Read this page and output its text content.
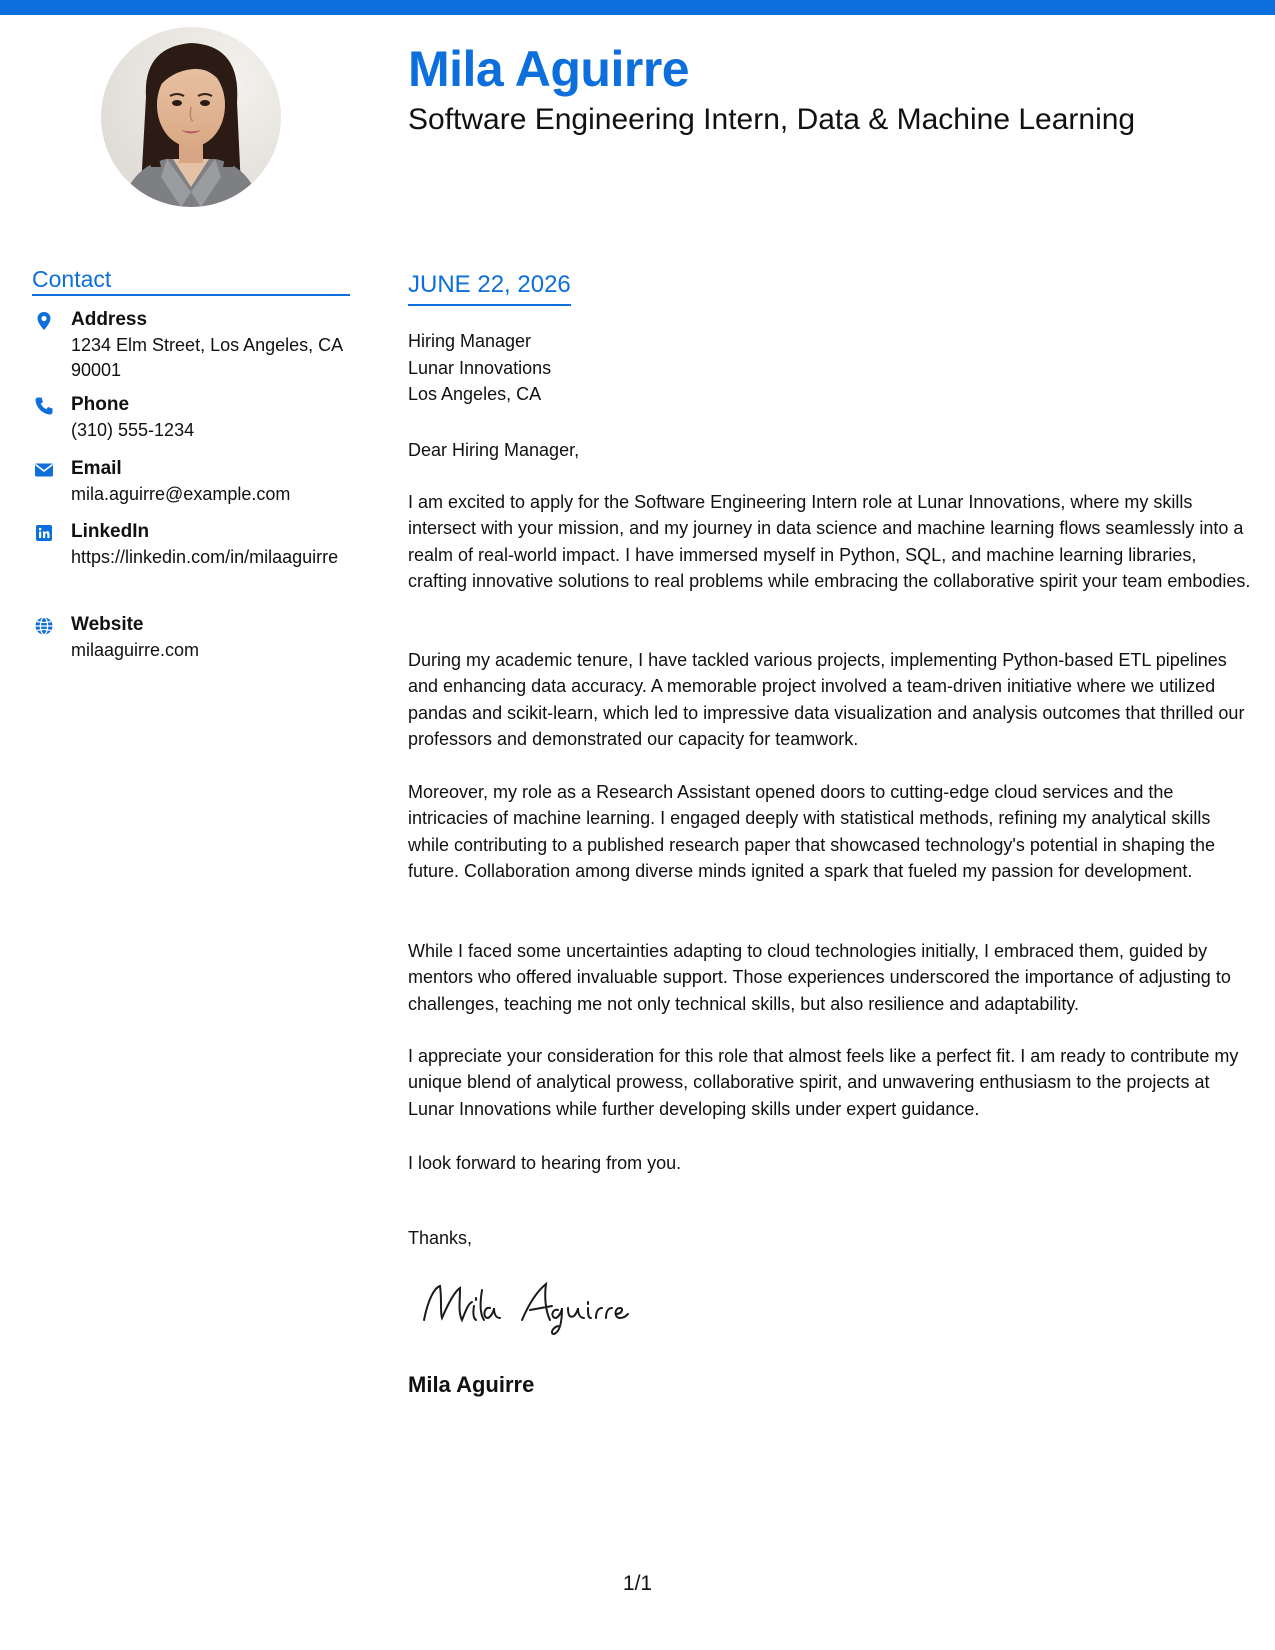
Mila Aguirre
Software Engineering Intern, Data & Machine Learning
Contact
Address
1234 Elm Street, Los Angeles, CA 90001
Phone
(310) 555-1234
Email
mila.aguirre@example.com
LinkedIn
https://linkedin.com/in/milaaguirre
Website
milaaguirre.com
JUNE 22, 2026
Hiring Manager
Lunar Innovations
Los Angeles, CA
Dear Hiring Manager,

I am excited to apply for the Software Engineering Intern role at Lunar Innovations, where my skills intersect with your mission, and my journey in data science and machine learning flows seamlessly into a realm of real-world impact. I have immersed myself in Python, SQL, and machine learning libraries, crafting innovative solutions to real problems while embracing the collaborative spirit your team embodies.

During my academic tenure, I have tackled various projects, implementing Python-based ETL pipelines and enhancing data accuracy. A memorable project involved a team-driven initiative where we utilized pandas and scikit-learn, which led to impressive data visualization and analysis outcomes that thrilled our professors and demonstrated our capacity for teamwork.

Moreover, my role as a Research Assistant opened doors to cutting-edge cloud services and the intricacies of machine learning. I engaged deeply with statistical methods, refining my analytical skills while contributing to a published research paper that showcased technology's potential in shaping the future. Collaboration among diverse minds ignited a spark that fueled my passion for development.

While I faced some uncertainties adapting to cloud technologies initially, I embraced them, guided by mentors who offered invaluable support. Those experiences underscored the importance of adjusting to challenges, teaching me not only technical skills, but also resilience and adaptability.

I appreciate your consideration for this role that almost feels like a perfect fit. I am ready to contribute my unique blend of analytical prowess, collaborative spirit, and unwavering enthusiasm to the projects at Lunar Innovations while further developing skills under expert guidance.

I look forward to hearing from you.

Thanks,
Mila Aguirre
1/1
